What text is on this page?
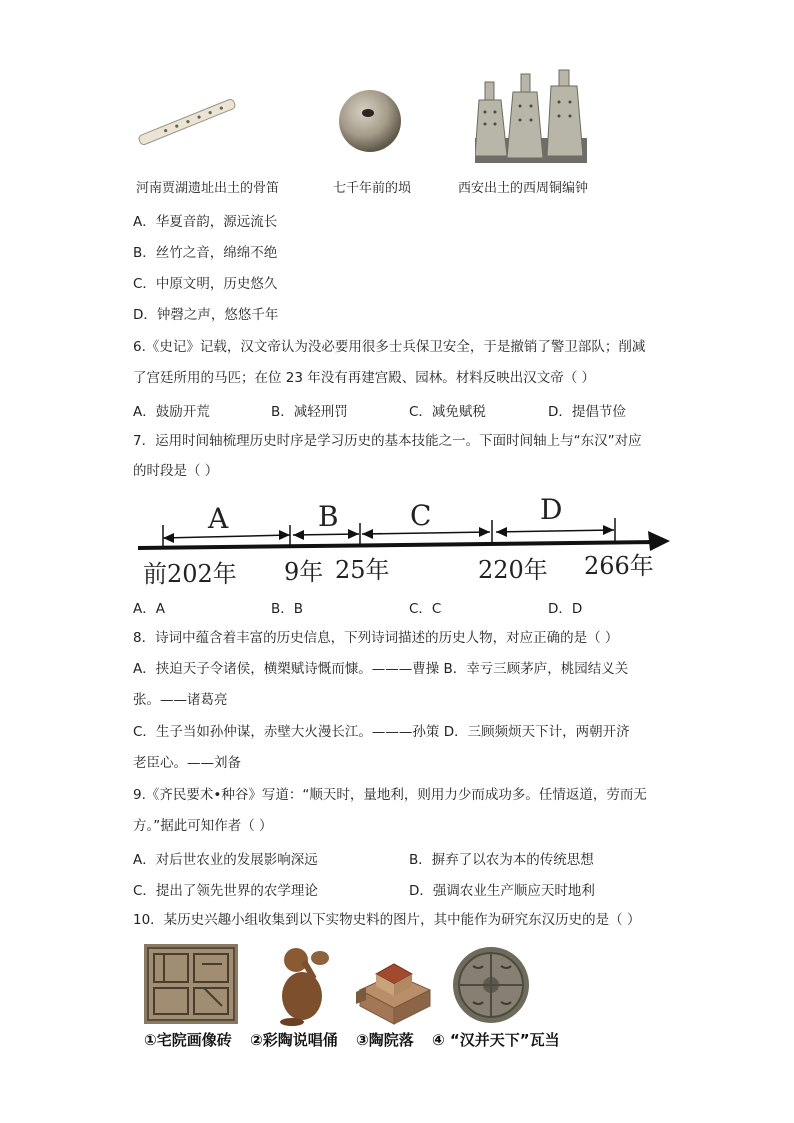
河南贾湖遗址出土的骨笛	七千年前的埙	西安出土的西周铜编钟
A．华夏音韵，源远流长
B．丝竹之音，绵绵不绝
C．中原文明，历史悠久
D．钟磬之声，悠悠千年
6.《史记》记载，汉文帝认为没必要用很多士兵保卫安全，于是撤销了警卫部队；削减
了宫廷所用的马匹；在位 23 年没有再建宫殿、园林。材料反映出汉文帝（ ）
A．鼓励开荒	B．减轻刑罚	C．减免赋税	D．提倡节俭
7．运用时间轴梳理历史时序是学习历史的基本技能之一。下面时间轴上与“东汉”对应
的时段是（ ）
A	B	C	D
前202年 9年 25年	220年 266年
A．A	B．B	C．C	D．D
8．诗词中蕴含着丰富的历史信息，下列诗词描述的历史人物，对应正确的是（ ）
A．挟迫天子令诸侯，横槊赋诗慨而慷。———曹操 B．幸亏三顾茅庐，桃园结义关
张。——诸葛亮
C．生子当如孙仲谋，赤壁大火漫长江。———孙策 D．三顾频烦天下计，两朝开济
老臣心。——刘备
9.《齐民要术•种谷》写道：“顺天时，量地利，则用力少而成功多。任情返道，劳而无
方。”据此可知作者（ ）
A．对后世农业的发展影响深远	B．摒弃了以农为本的传统思想
C．提出了领先世界的农学理论	D．强调农业生产顺应天时地利
10．某历史兴趣小组收集到以下实物史料的图片，其中能作为研究东汉历史的是（ ）
①宅院画像砖 ②彩陶说唱俑 ③陶院落 ④ “汉并天下”瓦当
